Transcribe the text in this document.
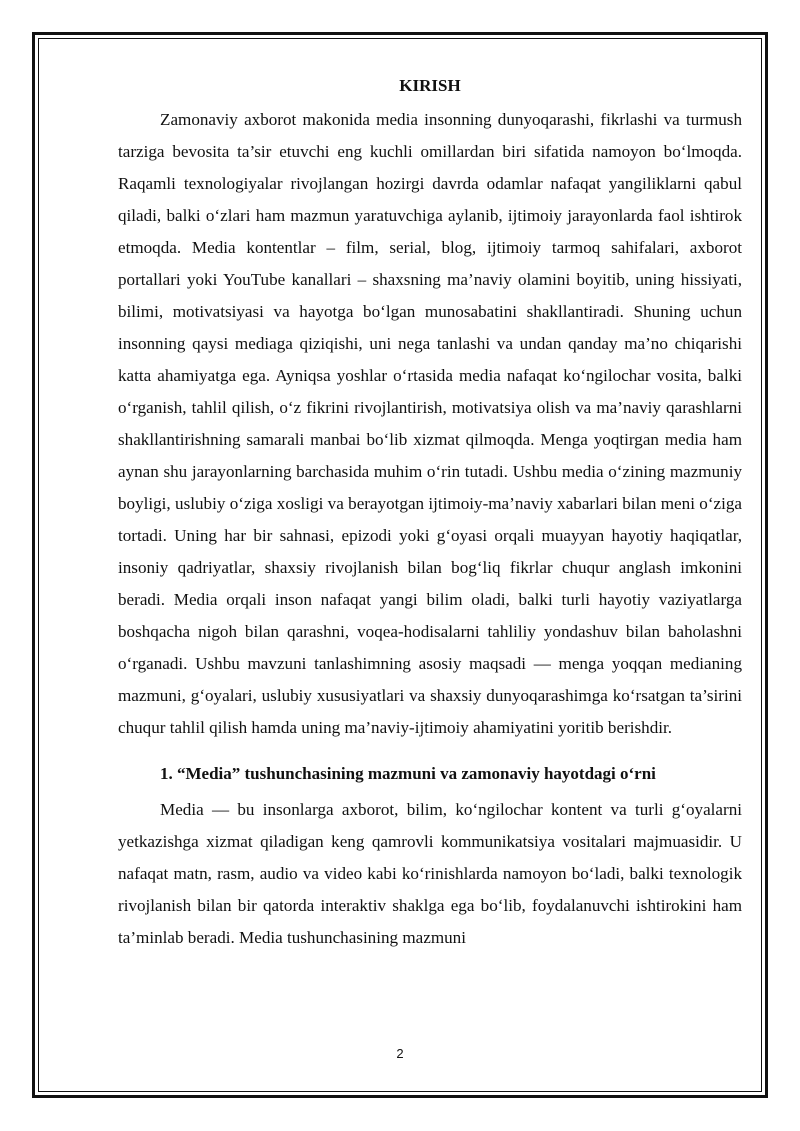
KIRISH

Zamonaviy axborot makonida media insonning dunyoqarashi, fikrlashi va turmush tarziga bevosita ta’sir etuvchi eng kuchli omillardan biri sifatida namoyon bo‘lmoqda. Raqamli texnologiyalar rivojlangan hozirgi davrda odamlar nafaqat yangiliklarni qabul qiladi, balki o‘zlari ham mazmun yaratuvchiga aylanib, ijtimoiy jarayonlarda faol ishtirok etmoqda. Media kontentlar – film, serial, blog, ijtimoiy tarmoq sahifalari, axborot portallari yoki YouTube kanallari – shaxsning ma’naviy olamini boyitib, uning hissiyati, bilimi, motivatsiyasi va hayotga bo‘lgan munosabatini shakllantiradi. Shuning uchun insonning qaysi mediaga qiziqishi, uni nega tanlashi va undan qanday ma’no chiqarishi katta ahamiyatga ega. Ayniqsa yoshlar o‘rtasida media nafaqat ko‘ngilochar vosita, balki o‘rganish, tahlil qilish, o‘z fikrini rivojlantirish, motivatsiya olish va ma’naviy qarashlarni shakllantirishning samarali manbai bo‘lib xizmat qilmoqda. Menga yoqtirgan media ham aynan shu jarayonlarning barchasida muhim o‘rin tutadi. Ushbu media o‘zining mazmuniy boyligi, uslubiy o‘ziga xosligi va berayotgan ijtimoiy-ma’naviy xabarlari bilan meni o‘ziga tortadi. Uning har bir sahnasi, epizodi yoki g‘oyasi orqali muayyan hayotiy haqiqatlar, insoniy qadriyatlar, shaxsiy rivojlanish bilan bog‘liq fikrlar chuqur anglash imkonini beradi. Media orqali inson nafaqat yangi bilim oladi, balki turli hayotiy vaziyatlarga boshqacha nigoh bilan qarashni, voqea-hodisalarni tahliliy yondashuv bilan baholashni o‘rganadi. Ushbu mavzuni tanlashimning asosiy maqsadi — menga yoqqan medianing mazmuni, g‘oyalari, uslubiy xususiyatlari va shaxsiy dunyoqarashimga ko‘rsatgan ta’sirini chuqur tahlil qilish hamda uning ma’naviy-ijtimoiy ahamiyatini yoritib berishdir.

1. “Media” tushunchasining mazmuni va zamonaviy hayotdagi o‘rni

Media — bu insonlarga axborot, bilim, ko‘ngilochar kontent va turli g‘oyalarni yetkazishga xizmat qiladigan keng qamrovli kommunikatsiya vositalari majmuasidir. U nafaqat matn, rasm, audio va video kabi ko‘rinishlarda namoyon bo‘ladi, balki texnologik rivojlanish bilan bir qatorda interaktiv shaklga ega bo‘lib, foydalanuvchi ishtirokini ham ta’minlab beradi. Media tushunchasining mazmuni

2
